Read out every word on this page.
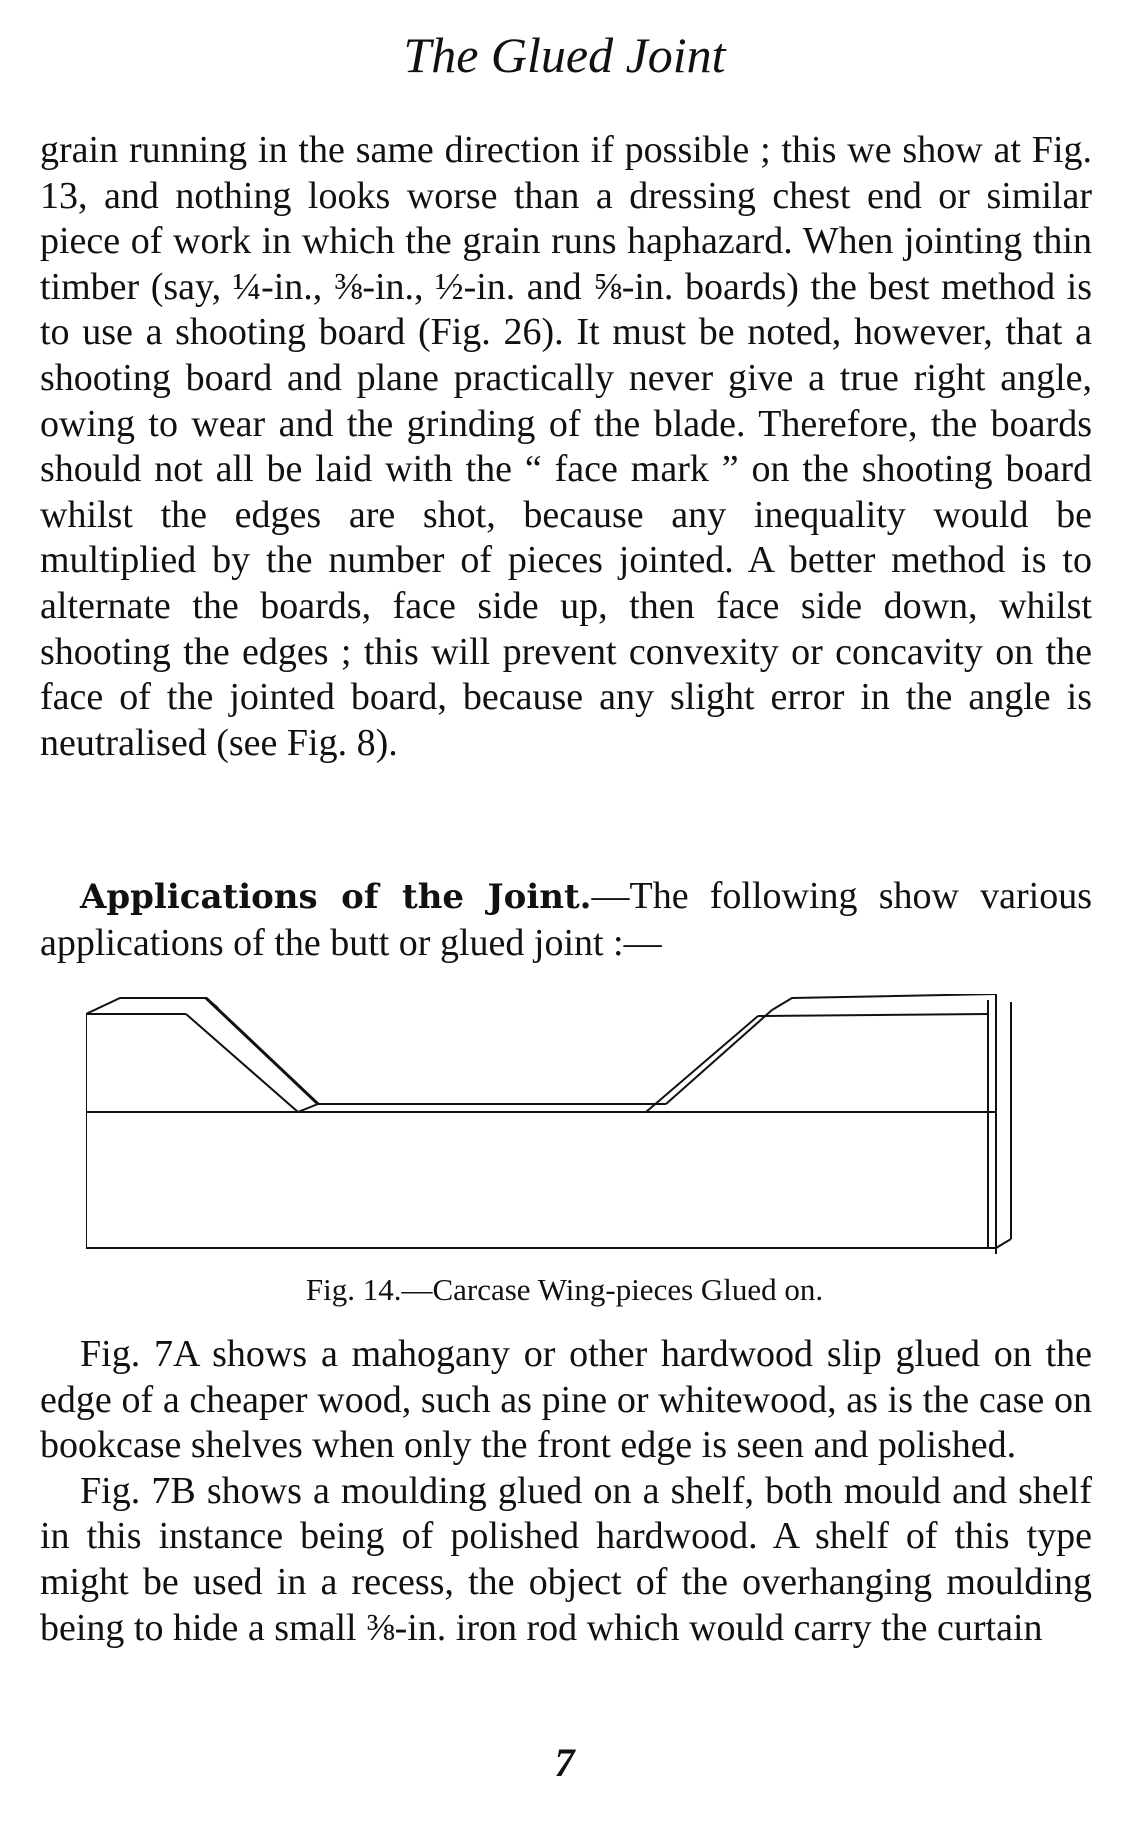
The Glued Joint

grain running in the same direction if possible ; this we show at Fig. 13, and nothing looks worse than a dressing chest end or similar piece of work in which the grain runs haphazard. When jointing thin timber (say, ¼-in., ⅜-in., ½-in. and ⅝-in. boards) the best method is to use a shooting board (Fig. 26). It must be noted, however, that a shooting board and plane practically never give a true right angle, owing to wear and the grinding of the blade. Therefore, the boards should not all be laid with the “ face mark ” on the shooting board whilst the edges are shot, because any inequality would be multiplied by the number of pieces jointed. A better method is to alternate the boards, face side up, then face side down, whilst shooting the edges ; this will prevent convexity or concavity on the face of the jointed board, because any slight error in the angle is neutralised (see Fig. 8).

Applications of the Joint.—The following show various applications of the butt or glued joint :—

Fig. 14.—Carcase Wing-pieces Glued on.

Fig. 7A shows a mahogany or other hardwood slip glued on the edge of a cheaper wood, such as pine or whitewood, as is the case on bookcase shelves when only the front edge is seen and polished.

Fig. 7B shows a moulding glued on a shelf, both mould and shelf in this instance being of polished hardwood. A shelf of this type might be used in a recess, the object of the overhanging moulding being to hide a small ⅜-in. iron rod which would carry the curtain

7
